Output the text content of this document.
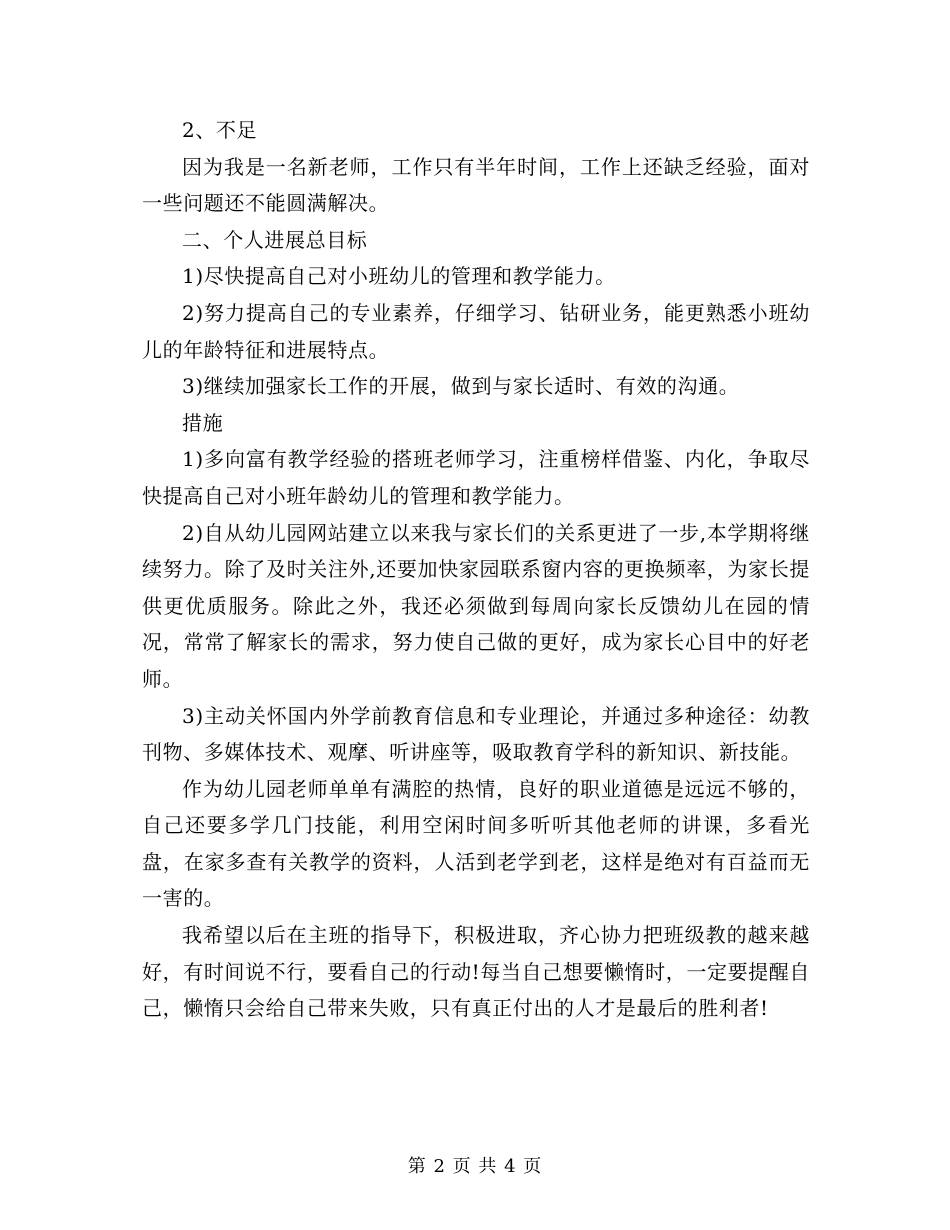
2、不足

因为我是一名新老师，工作只有半年时间，工作上还缺乏经验，面对一些问题还不能圆满解决。

二、个人进展总目标

1)尽快提高自己对小班幼儿的管理和教学能力。

2)努力提高自己的专业素养，仔细学习、钻研业务，能更熟悉小班幼儿的年龄特征和进展特点。

3)继续加强家长工作的开展，做到与家长适时、有效的沟通。

措施

1)多向富有教学经验的搭班老师学习，注重榜样借鉴、内化，争取尽快提高自己对小班年龄幼儿的管理和教学能力。

2)自从幼儿园网站建立以来我与家长们的关系更进了一步,本学期将继续努力。除了及时关注外,还要加快家园联系窗内容的更换频率，为家长提供更优质服务。除此之外，我还必须做到每周向家长反馈幼儿在园的情况，常常了解家长的需求，努力使自己做的更好，成为家长心目中的好老师。

3)主动关怀国内外学前教育信息和专业理论，并通过多种途径：幼教刊物、多媒体技术、观摩、听讲座等，吸取教育学科的新知识、新技能。

作为幼儿园老师单单有满腔的热情，良好的职业道德是远远不够的，自己还要多学几门技能，利用空闲时间多听听其他老师的讲课，多看光盘，在家多查有关教学的资料，人活到老学到老，这样是绝对有百益而无一害的。

我希望以后在主班的指导下，积极进取，齐心协力把班级教的越来越好，有时间说不行，要看自己的行动!每当自己想要懒惰时，一定要提醒自己，懒惰只会给自己带来失败，只有真正付出的人才是最后的胜利者!

第 2 页 共 4 页
